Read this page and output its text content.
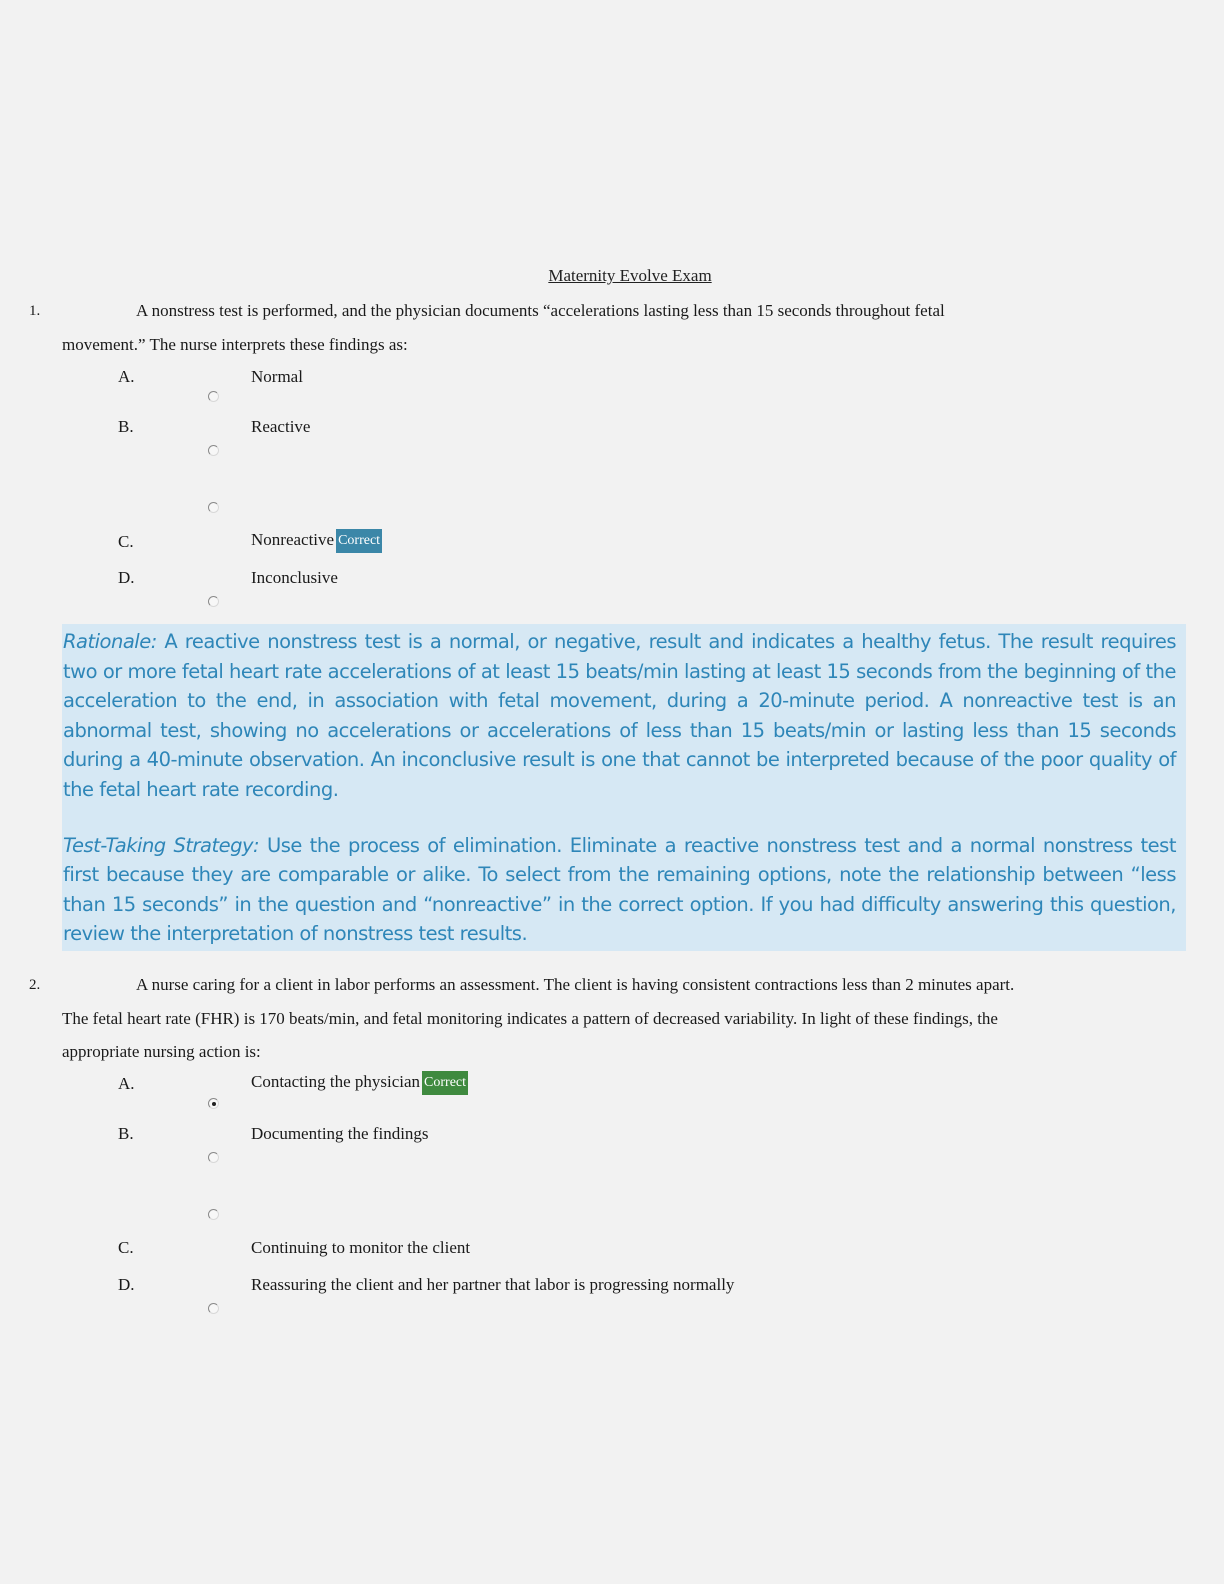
Maternity Evolve Exam
1.	A nonstress test is performed, and the physician documents “accelerations lasting less than 15 seconds throughout fetal
movement.” The nurse interprets these findings as:
A.	Normal
B.	Reactive
C.	Nonreactive Correct
D.	Inconclusive

Rationale: A reactive nonstress test is a normal, or negative, result and indicates a healthy fetus. The result requires two or more fetal heart rate accelerations of at least 15 beats/min lasting at least 15 seconds from the beginning of the acceleration to the end, in association with fetal movement, during a 20-minute period. A nonreactive test is an abnormal test, showing no accelerations or accelerations of less than 15 beats/min or lasting less than 15 seconds during a 40-minute observation. An inconclusive result is one that cannot be interpreted because of the poor quality of the fetal heart rate recording.

Test-Taking Strategy: Use the process of elimination. Eliminate a reactive nonstress test and a normal nonstress test first because they are comparable or alike. To select from the remaining options, note the relationship between “less than 15 seconds” in the question and “nonreactive” in the correct option. If you had difficulty answering this question, review the interpretation of nonstress test results.

2.	A nurse caring for a client in labor performs an assessment. The client is having consistent contractions less than 2 minutes apart.
The fetal heart rate (FHR) is 170 beats/min, and fetal monitoring indicates a pattern of decreased variability. In light of these findings, the
appropriate nursing action is:
A.	Contacting the physician Correct
B.	Documenting the findings
C.	Continuing to monitor the client
D.	Reassuring the client and her partner that labor is progressing normally
